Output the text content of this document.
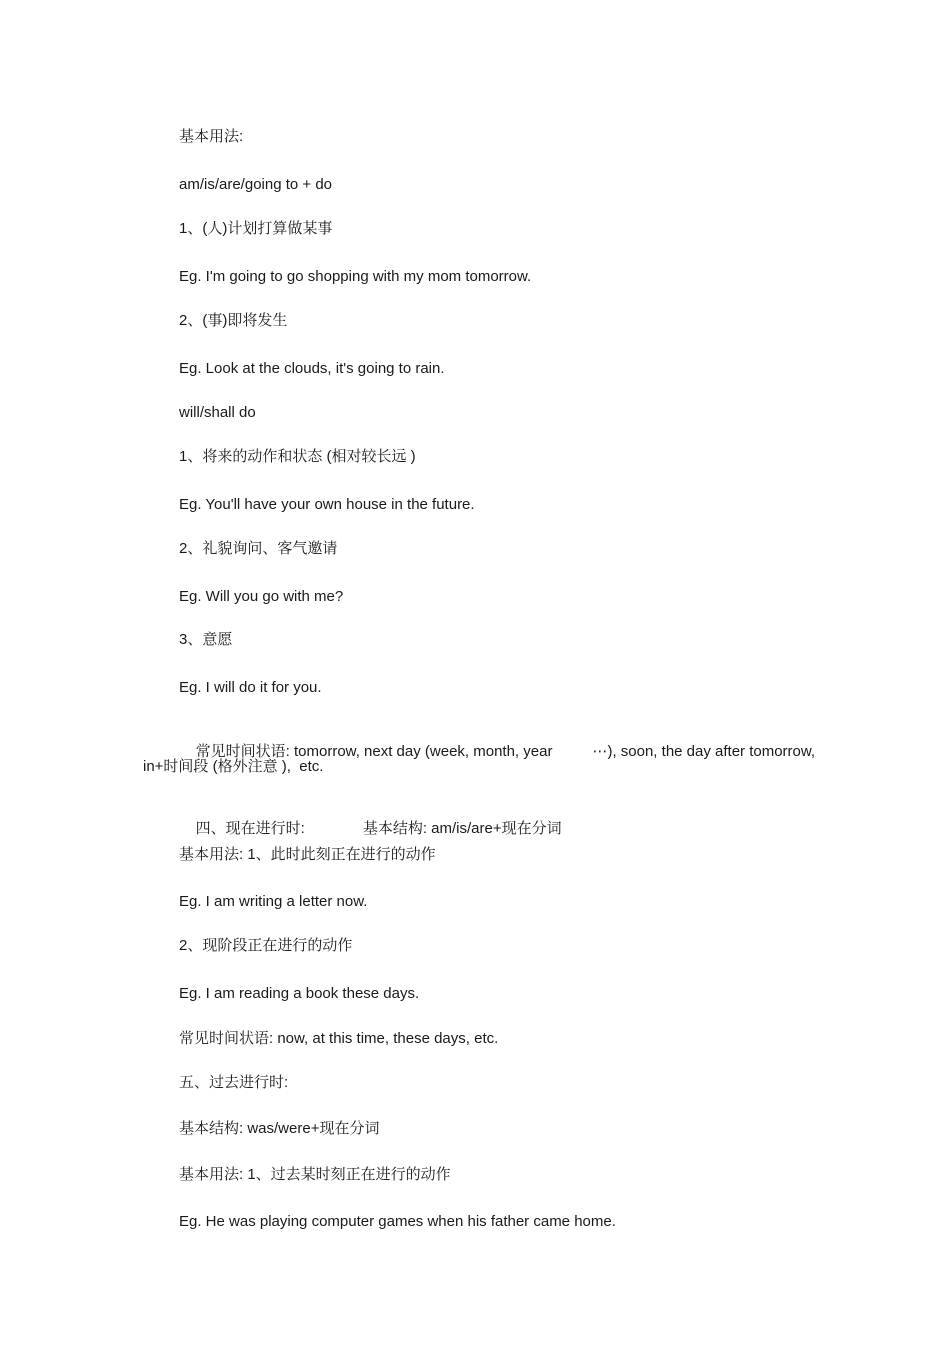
基本用法:
am/is/are/going to + do
1、(人)计划打算做某事
Eg. I'm going to go shopping with my mom tomorrow.
2、(事)即将发生
Eg. Look at the clouds, it's going to rain.
will/shall do
1、将来的动作和状态 (相对较长远 )
Eg. You'll have your own house in the future.
2、礼貌询问、客气邀请
Eg. Will you go with me?
3、意愿
Eg. I will do it for you.

常见时间状语: tomorrow, next day (week, month, year	⋯), soon, the day after tomorrow,

in+时间段 (格外注意 ),  etc.

四、现在进行时:	基本结构: am/is/are+现在分词

基本用法: 1、此时此刻正在进行的动作
Eg. I am writing a letter now.
2、现阶段正在进行的动作
Eg. I am reading a book these days.
常见时间状语: now, at this time, these days, etc.
五、过去进行时:
基本结构: was/were+现在分词
基本用法: 1、过去某时刻正在进行的动作
Eg. He was playing computer games when his father came home.
